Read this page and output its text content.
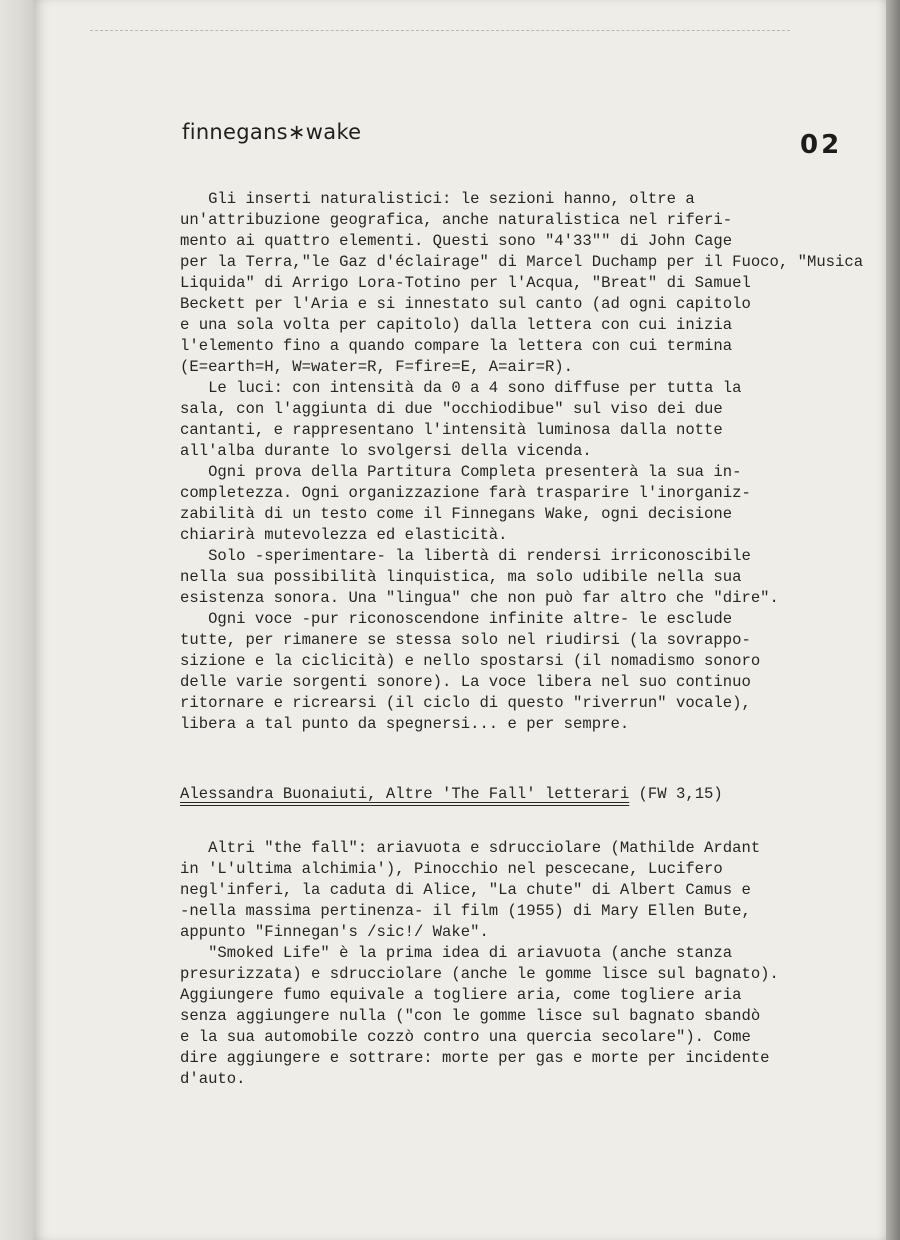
finnegans∗wake	02
Gli inserti naturalistici: le sezioni hanno, oltre a
un'attribuzione geografica, anche naturalistica nel riferi-
mento ai quattro elementi. Questi sono "4'33"" di John Cage
per la Terra,"le Gaz d'éclairage" di Marcel Duchamp per il Fuoco, "Musica
Liquida" di Arrigo Lora-Totino per l'Acqua, "Breat" di Samuel
Beckett per l'Aria e si innestato sul canto (ad ogni capitolo
e una sola volta per capitolo) dalla lettera con cui inizia
l'elemento fino a quando compare la lettera con cui termina
(E=earth=H, W=water=R, F=fire=E, A=air=R).
Le luci: con intensità da 0 a 4 sono diffuse per tutta la
sala, con l'aggiunta di due "occhiodibue" sul viso dei due
cantanti, e rappresentano l'intensità luminosa dalla notte
all'alba durante lo svolgersi della vicenda.
Ogni prova della Partitura Completa presenterà la sua in-
completezza. Ogni organizzazione farà trasparire l'inorganiz-
zabilità di un testo come il Finnegans Wake, ogni decisione
chiarirà mutevolezza ed elasticità.
Solo -sperimentare- la libertà di rendersi irriconoscibile
nella sua possibilità linquistica, ma solo udibile nella sua
esistenza sonora. Una "lingua" che non può far altro che "dire".
Ogni voce -pur riconoscendone infinite altre- le esclude
tutte, per rimanere se stessa solo nel riudirsi (la sovrappo-
sizione e la ciclicità) e nello spostarsi (il nomadismo sonoro
delle varie sorgenti sonore). La voce libera nel suo continuo
ritornare e ricrearsi (il ciclo di questo "riverrun" vocale),
libera a tal punto da spegnersi... e per sempre.
Alessandra Buonaiuti, Altre 'The Fall' letterari (FW 3,15)
Altri "the fall": ariavuota e sdrucciolare (Mathilde Ardant
in 'L'ultima alchimia'), Pinocchio nel pescecane, Lucifero
negl'inferi, la caduta di Alice, "La chute" di Albert Camus e
-nella massima pertinenza- il film (1955) di Mary Ellen Bute,
appunto "Finnegan's /sic!/ Wake".
"Smoked Life" è la prima idea di ariavuota (anche stanza
presurizzata) e sdrucciolare (anche le gomme lisce sul bagnato).
Aggiungere fumo equivale a togliere aria, come togliere aria
senza aggiungere nulla ("con le gomme lisce sul bagnato sbandò
e la sua automobile cozzò contro una quercia secolare"). Come
dire aggiungere e sottrare: morte per gas e morte per incidente
d'auto.
